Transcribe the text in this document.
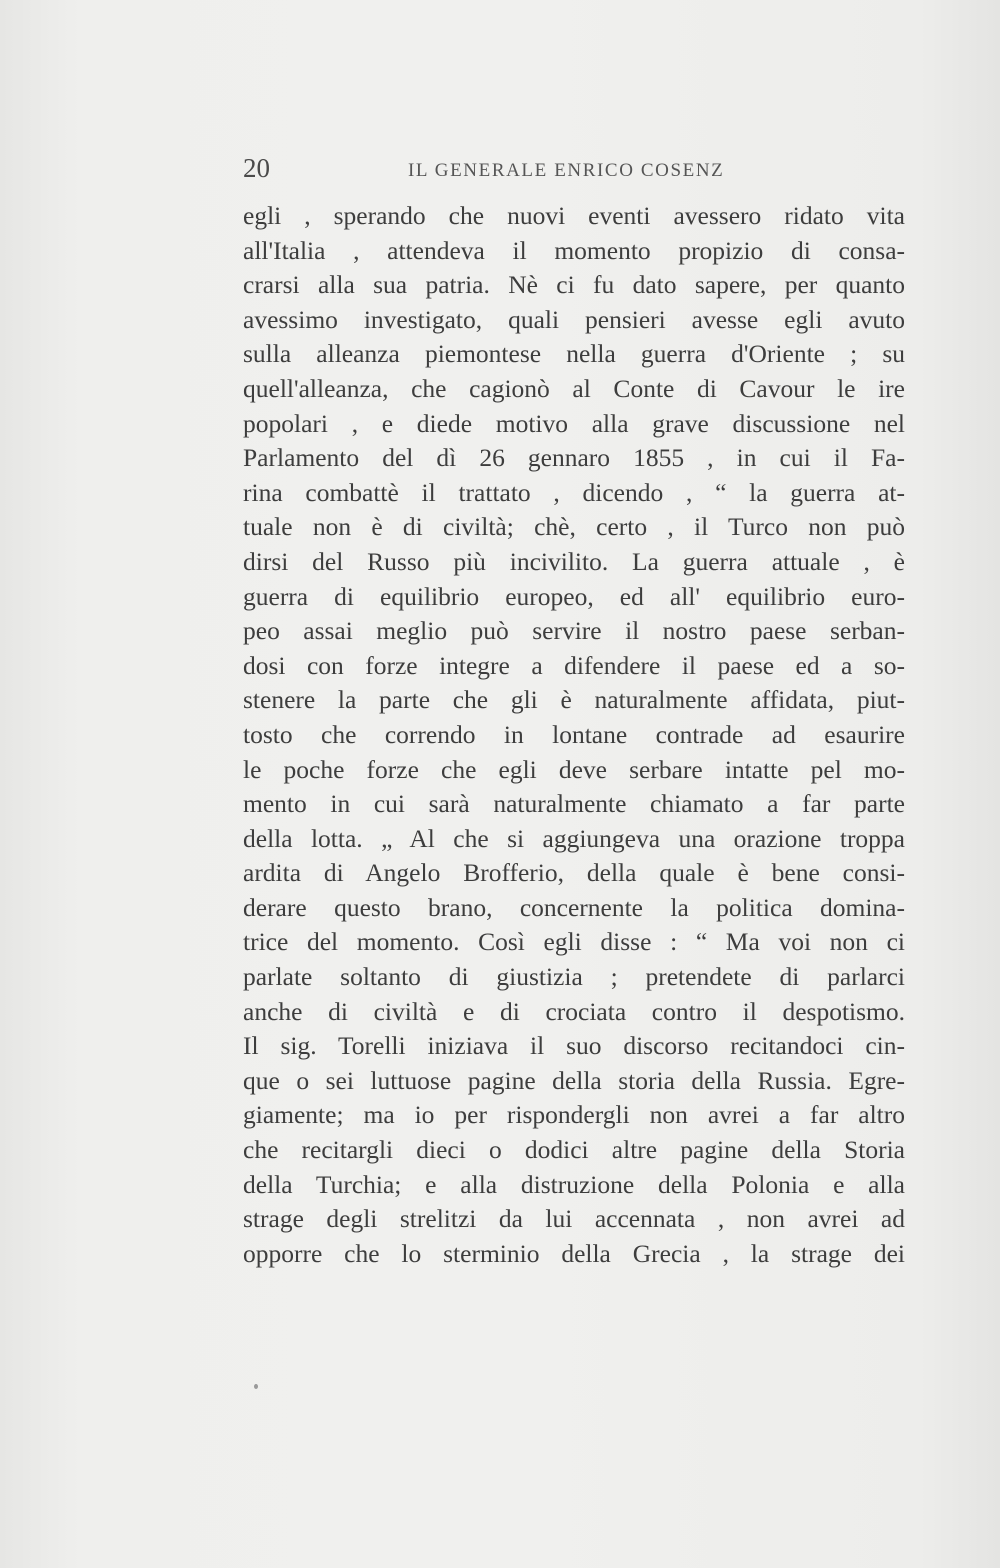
20	IL GENERALE ENRICO COSENZ
egli , sperando che nuovi eventi avessero ridato vita
all'Italia , attendeva il momento propizio di consa-
crarsi alla sua patria. Nè ci fu dato sapere, per quanto
avessimo investigato, quali pensieri avesse egli avuto
sulla alleanza piemontese nella guerra d'Oriente ; su
quell'alleanza, che cagionò al Conte di Cavour le ire
popolari , e diede motivo alla grave discussione nel
Parlamento del dì 26 gennaro 1855 , in cui il Fa-
rina combattè il trattato , dicendo , “ la guerra at-
tuale non è di civiltà; chè, certo , il Turco non può
dirsi del Russo più incivilito. La guerra attuale , è
guerra di equilibrio europeo, ed all' equilibrio euro-
peo assai meglio può servire il nostro paese serban-
dosi con forze integre a difendere il paese ed a so-
stenere la parte che gli è naturalmente affidata, piut-
tosto che correndo in lontane contrade ad esaurire
le poche forze che egli deve serbare intatte pel mo-
mento in cui sarà naturalmente chiamato a far parte
della lotta. „ Al che si aggiungeva una orazione troppa
ardita di Angelo Brofferio, della quale è bene consi-
derare questo brano, concernente la politica domina-
trice del momento. Così egli disse : “ Ma voi non ci
parlate soltanto di giustizia ; pretendete di parlarci
anche di civiltà e di crociata contro il despotismo.
Il sig. Torelli iniziava il suo discorso recitandoci cin-
que o sei luttuose pagine della storia della Russia. Egre-
giamente; ma io per rispondergli non avrei a far altro
che recitargli dieci o dodici altre pagine della Storia
della Turchia; e alla distruzione della Polonia e alla
strage degli strelitzi da lui accennata , non avrei ad
opporre che lo sterminio della Grecia , la strage dei
